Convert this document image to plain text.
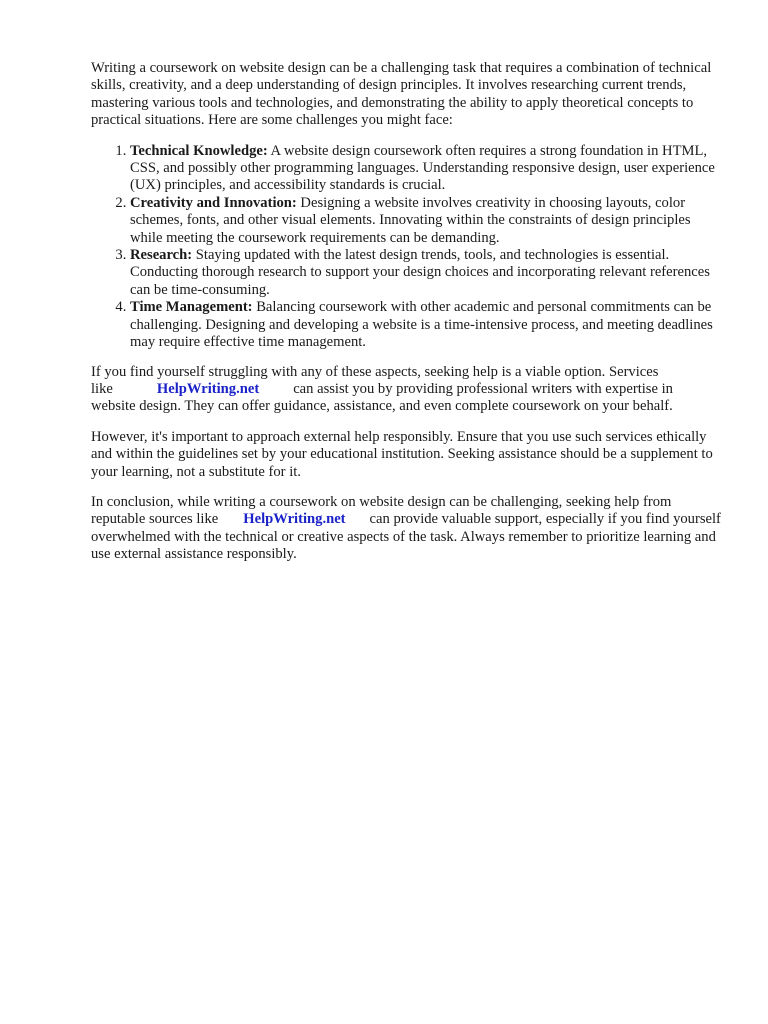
Writing a coursework on website design can be a challenging task that requires a combination of technical skills, creativity, and a deep understanding of design principles. It involves researching current trends, mastering various tools and technologies, and demonstrating the ability to apply theoretical concepts to practical situations. Here are some challenges you might face:

1. Technical Knowledge: A website design coursework often requires a strong foundation in HTML, CSS, and possibly other programming languages. Understanding responsive design, user experience (UX) principles, and accessibility standards is crucial.
2. Creativity and Innovation: Designing a website involves creativity in choosing layouts, color schemes, fonts, and other visual elements. Innovating within the constraints of design principles while meeting the coursework requirements can be demanding.
3. Research: Staying updated with the latest design trends, tools, and technologies is essential. Conducting thorough research to support your design choices and incorporating relevant references can be time-consuming.
4. Time Management: Balancing coursework with other academic and personal commitments can be challenging. Designing and developing a website is a time-intensive process, and meeting deadlines may require effective time management.

If you find yourself struggling with any of these aspects, seeking help is a viable option. Services like	HelpWriting.net can assist you by providing professional writers with expertise in website design. They can offer guidance, assistance, and even complete coursework on your behalf.

However, it's important to approach external help responsibly. Ensure that you use such services ethically and within the guidelines set by your educational institution. Seeking assistance should be a supplement to your learning, not a substitute for it.

In conclusion, while writing a coursework on website design can be challenging, seeking help from reputable sources like HelpWriting.net can provide valuable support, especially if you find yourself overwhelmed with the technical or creative aspects of the task. Always remember to prioritize learning and use external assistance responsibly.
